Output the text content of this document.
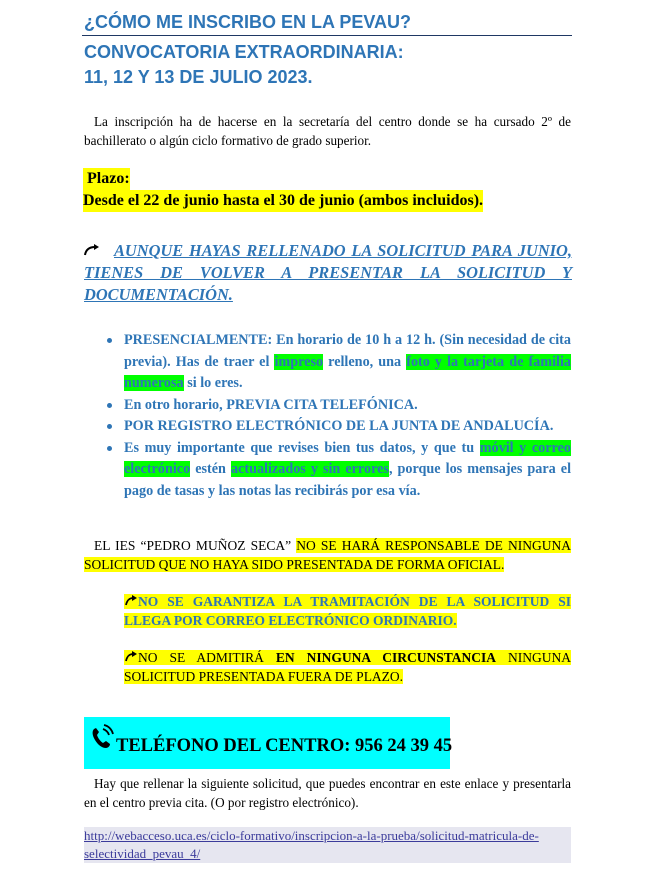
¿CÓMO ME INSCRIBO EN LA PEVAU?
CONVOCATORIA EXTRAORDINARIA:
11, 12 Y 13 DE JULIO 2023.
La inscripción ha de hacerse en la secretaría del centro donde se ha cursado 2º de bachillerato o algún ciclo formativo de grado superior.
Plazo:
Desde el 22 de junio hasta el 30 de junio (ambos incluidos).
AUNQUE HAYAS RELLENADO LA SOLICITUD PARA JUNIO, TIENES DE VOLVER A PRESENTAR LA SOLICITUD Y DOCUMENTACIÓN.
PRESENCIALMENTE: En horario de 10 h a 12 h. (Sin necesidad de cita previa). Has de traer el impreso relleno, una foto y la tarjeta de familia numerosa si lo eres.
En otro horario, PREVIA CITA TELEFÓNICA.
POR REGISTRO ELECTRÓNICO DE LA JUNTA DE ANDALUCÍA.
Es muy importante que revises bien tus datos, y que tu móvil y correo electrónico estén actualizados y sin errores, porque los mensajes para el pago de tasas y las notas las recibirás por esa vía.
EL IES “PEDRO MUÑOZ SECA” NO SE HARÁ RESPONSABLE DE NINGUNA SOLICITUD QUE NO HAYA SIDO PRESENTADA DE FORMA OFICIAL.
NO SE GARANTIZA LA TRAMITACIÓN DE LA SOLICITUD SI LLEGA POR CORREO ELECTRÓNICO ORDINARIO.
NO SE ADMITIRÁ EN NINGUNA CIRCUNSTANCIA NINGUNA SOLICITUD PRESENTADA FUERA DE PLAZO.
TELÉFONO DEL CENTRO: 956 24 39 45
Hay que rellenar la siguiente solicitud, que puedes encontrar en este enlace y presentarla en el centro previa cita. (O por registro electrónico).
http://webacceso.uca.es/ciclo-formativo/inscripcion-a-la-prueba/solicitud-matricula-de-selectividad_pevau_4/
